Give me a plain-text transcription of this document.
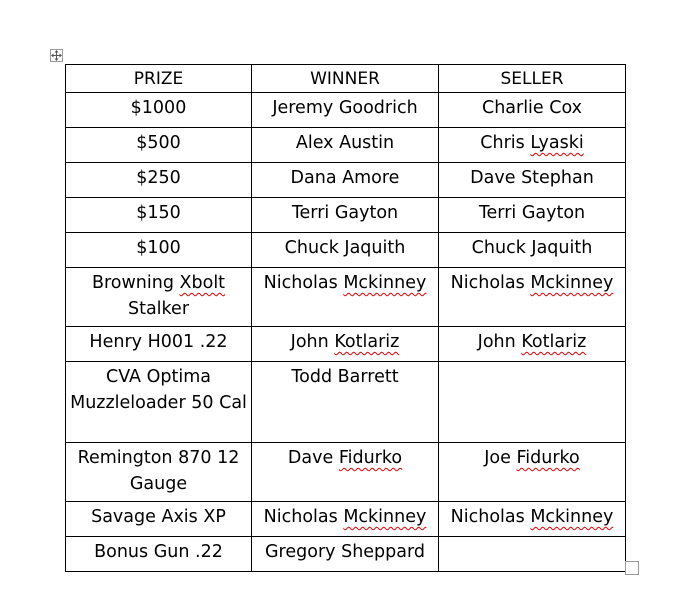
PRIZE	WINNER	SELLER
$1000	Jeremy Goodrich	Charlie Cox
$500	Alex Austin	Chris Lyaski
$250	Dana Amore	Dave Stephan
$150	Terri Gayton	Terri Gayton
$100	Chuck Jaquith	Chuck Jaquith
Browning Xbolt Stalker	Nicholas Mckinney	Nicholas Mckinney
Henry H001 .22	John Kotlariz	John Kotlariz
CVA Optima Muzzleloader 50 Cal	Todd Barrett	
Remington 870 12 Gauge	Dave Fidurko	Joe Fidurko
Savage Axis XP	Nicholas Mckinney	Nicholas Mckinney
Bonus Gun .22	Gregory Sheppard	
